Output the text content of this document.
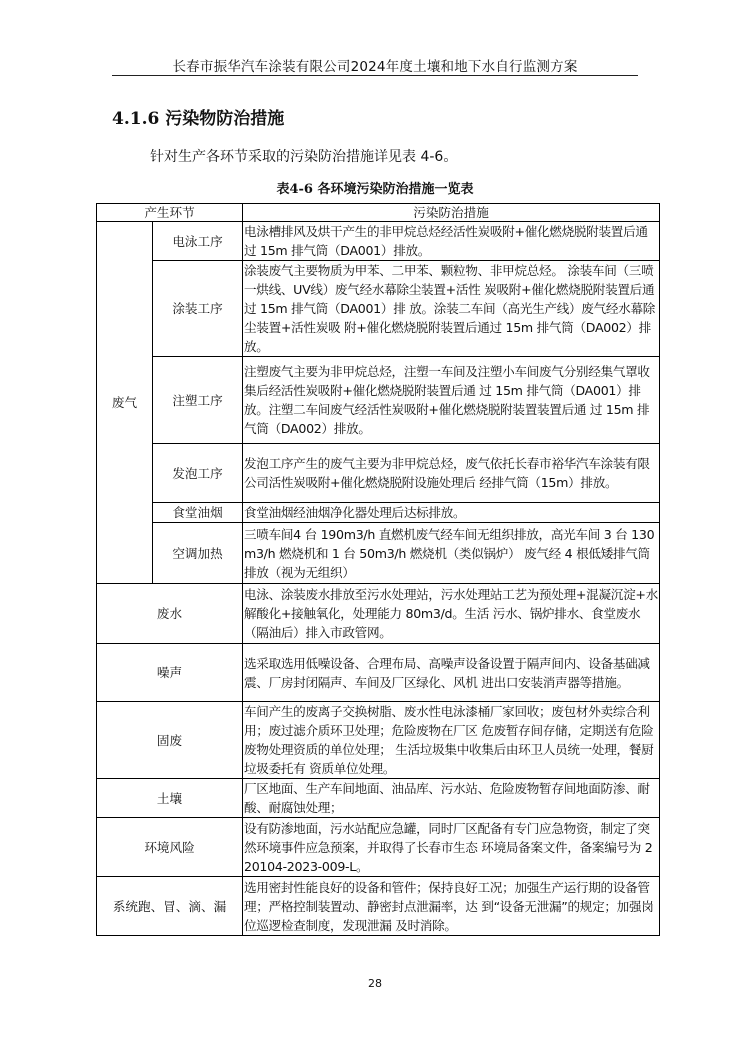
长春市振华汽车涂装有限公司2024年度土壤和地下水自行监测方案
4.1.6 污染物防治措施
针对生产各环节采取的污染防治措施详见表 4-6。
表4-6 各环境污染防治措施一览表
产生环节		污染防治措施
废气	电泳工序	电泳槽排风及烘干产生的非甲烷总烃经活性炭吸附+催化燃烧脱附装置后通过 15m 排气筒（DA001）排放。
	涂装工序	涂装废气主要物质为甲苯、二甲苯、颗粒物、非甲烷总烃。 涂装车间（三喷一烘线、UV线）废气经水幕除尘装置+活性 炭吸附+催化燃烧脱附装置后通过 15m 排气筒（DA001）排 放。涂装二车间（高光生产线）废气经水幕除尘装置+活性炭吸 附+催化燃烧脱附装置后通过 15m 排气筒（DA002）排放。
	注塑工序	注塑废气主要为非甲烷总烃，注塑一车间及注塑小车间废气分别经集气罩收集后经活性炭吸附+催化燃烧脱附装置后通 过 15m 排气筒（DA001）排放。注塑二车间废气经活性炭吸附+催化燃烧脱附装置装置后通 过 15m 排气筒（DA002）排放。
	发泡工序	发泡工序产生的废气主要为非甲烷总烃，废气依托长春市裕华汽车涂装有限公司活性炭吸附+催化燃烧脱附设施处理后 经排气筒（15m）排放。
	食堂油烟	食堂油烟经油烟净化器处理后达标排放。
	空调加热	三喷车间4 台 190m3/h 直燃机废气经车间无组织排放，高光车间 3 台 130m3/h 燃烧机和 1 台 50m3/h 燃烧机（类似锅炉） 废气经 4 根低矮排气筒排放（视为无组织）
废水		电泳、涂装废水排放至污水处理站，污水处理站工艺为预处理+混凝沉淀+水解酸化+接触氧化，处理能力 80m3/d。生活 污水、锅炉排水、食堂废水（隔油后）排入市政管网。
噪声		选采取选用低噪设备、合理布局、高噪声设备设置于隔声间内、设备基础减震、厂房封闭隔声、车间及厂区绿化、风机 进出口安装消声器等措施。
固废		车间产生的废离子交换树脂、废水性电泳漆桶厂家回收；废包材外卖综合利用；废过滤介质环卫处理；危险废物在厂区 危废暂存间存储，定期送有危险废物处理资质的单位处理； 生活垃圾集中收集后由环卫人员统一处理，餐厨垃圾委托有 资质单位处理。
土壤		厂区地面、生产车间地面、油品库、污水站、危险废物暂存间地面防渗、耐酸、耐腐蚀处理；
环境风险		设有防渗地面，污水站配应急罐，同时厂区配备有专门应急物资，制定了突然环境事件应急预案，并取得了长春市生态 环境局备案文件，备案编号为 220104-2023-009-L。
系统跑、冒、滴、漏		选用密封性能良好的设备和管件；保持良好工况；加强生产运行期的设备管理；严格控制装置动、静密封点泄漏率，达 到“设备无泄漏”的规定；加强岗位巡逻检查制度，发现泄漏 及时消除。
28
